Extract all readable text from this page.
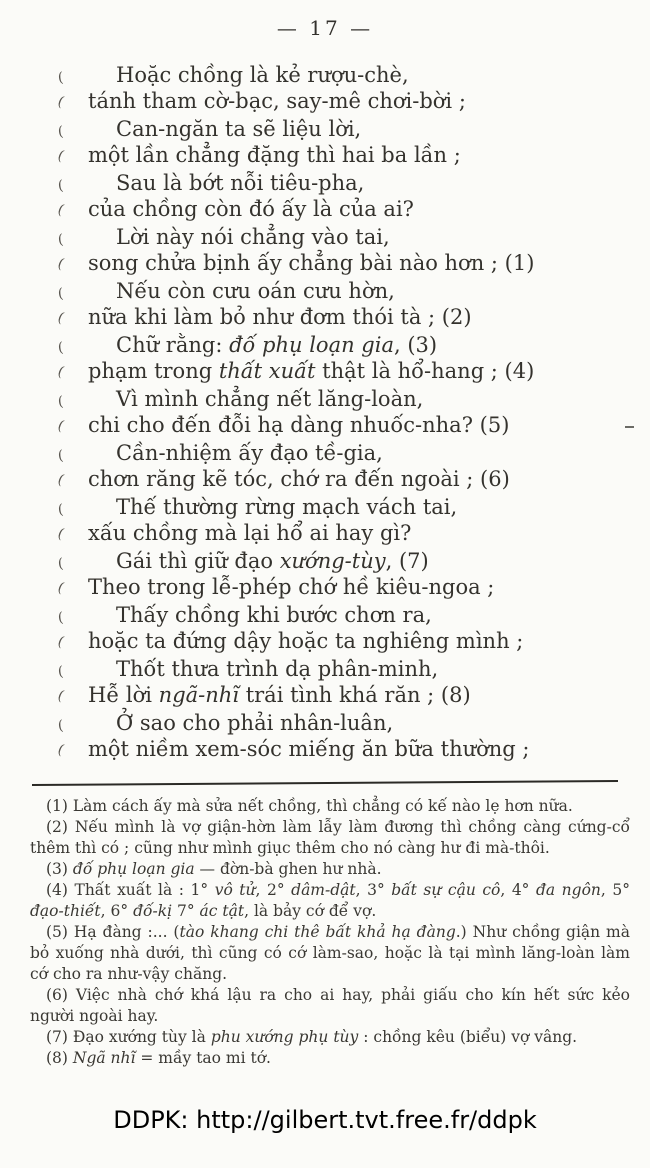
— 17 —
(
(
Hoặc chồng là kẻ rượu-chè,
tánh tham cờ-bạc, say-mê chơi-bời ;
(
(
Can-ngăn ta sẽ liệu lời,
một lần chẳng đặng thì hai ba lần ;
(
(
Sau là bớt nỗi tiêu-pha,
của chồng còn đó ấy là của ai?
(
(
Lời này nói chẳng vào tai,
song chửa bịnh ấy chẳng bài nào hơn ; (1)
(
(
Nếu còn cưu oán cưu hờn,
nữa khi làm bỏ như đơm thói tà ; (2)
(
(
Chữ rằng: đố phụ loạn gia, (3)
phạm trong thất xuất thật là hổ-hang ; (4)
(
(
Vì mình chẳng nết lăng-loàn,
chi cho đến đỗi hạ dàng nhuốc-nha? (5)
(
(
Cần-nhiệm ấy đạo tề-gia,
chơn răng kẽ tóc, chớ ra đến ngoài ; (6)
(
(
Thế thường rừng mạch vách tai,
xấu chồng mà lại hổ ai hay gì?
(
(
Gái thì giữ đạo xướng-tùy, (7)
Theo trong lễ-phép chớ hề kiêu-ngoa ;
(
(
Thấy chồng khi bước chơn ra,
hoặc ta đứng dậy hoặc ta nghiêng mình ;
(
(
Thốt thưa trình dạ phân-minh,
Hễ lời ngã-nhĩ trái tình khá răn ; (8)
(
(
Ở sao cho phải nhân-luân,
một niềm xem-sóc miếng ăn bữa thường ;

(1) Làm cách ấy mà sửa nết chồng, thì chẳng có kế nào lẹ hơn nữa.

(2) Nếu mình là vợ giận-hờn làm lẫy làm đương thì chồng càng cứng-cổ thêm thì có ; cũng như mình giục thêm cho nó càng hư đi mà-thôi.

(3) đố phụ loạn gia — đờn-bà ghen hư nhà.

(4) Thất xuất là : 1° vô tử, 2° dâm-dật, 3° bất sự cậu cô, 4° đa ngôn, 5° đạo-thiết, 6° đố-kị 7° ác tật, là bảy cớ để vợ.

(5) Hạ đàng :... (tào khang chi thê bất khả hạ đàng.) Như chồng giận mà bỏ xuống nhà dưới, thì cũng có cớ làm-sao, hoặc là tại mình lăng-loàn làm cớ cho ra như-vậy chăng.

(6) Việc nhà chớ khá lậu ra cho ai hay, phải giấu cho kín hết sức kẻo người ngoài hay.

(7) Đạo xướng tùy là phu xướng phụ tùy : chồng kêu (biểu) vợ vâng.

(8) Ngã nhĩ = mầy tao mi tớ.

DDPK: http://gilbert.tvt.free.fr/ddpk
